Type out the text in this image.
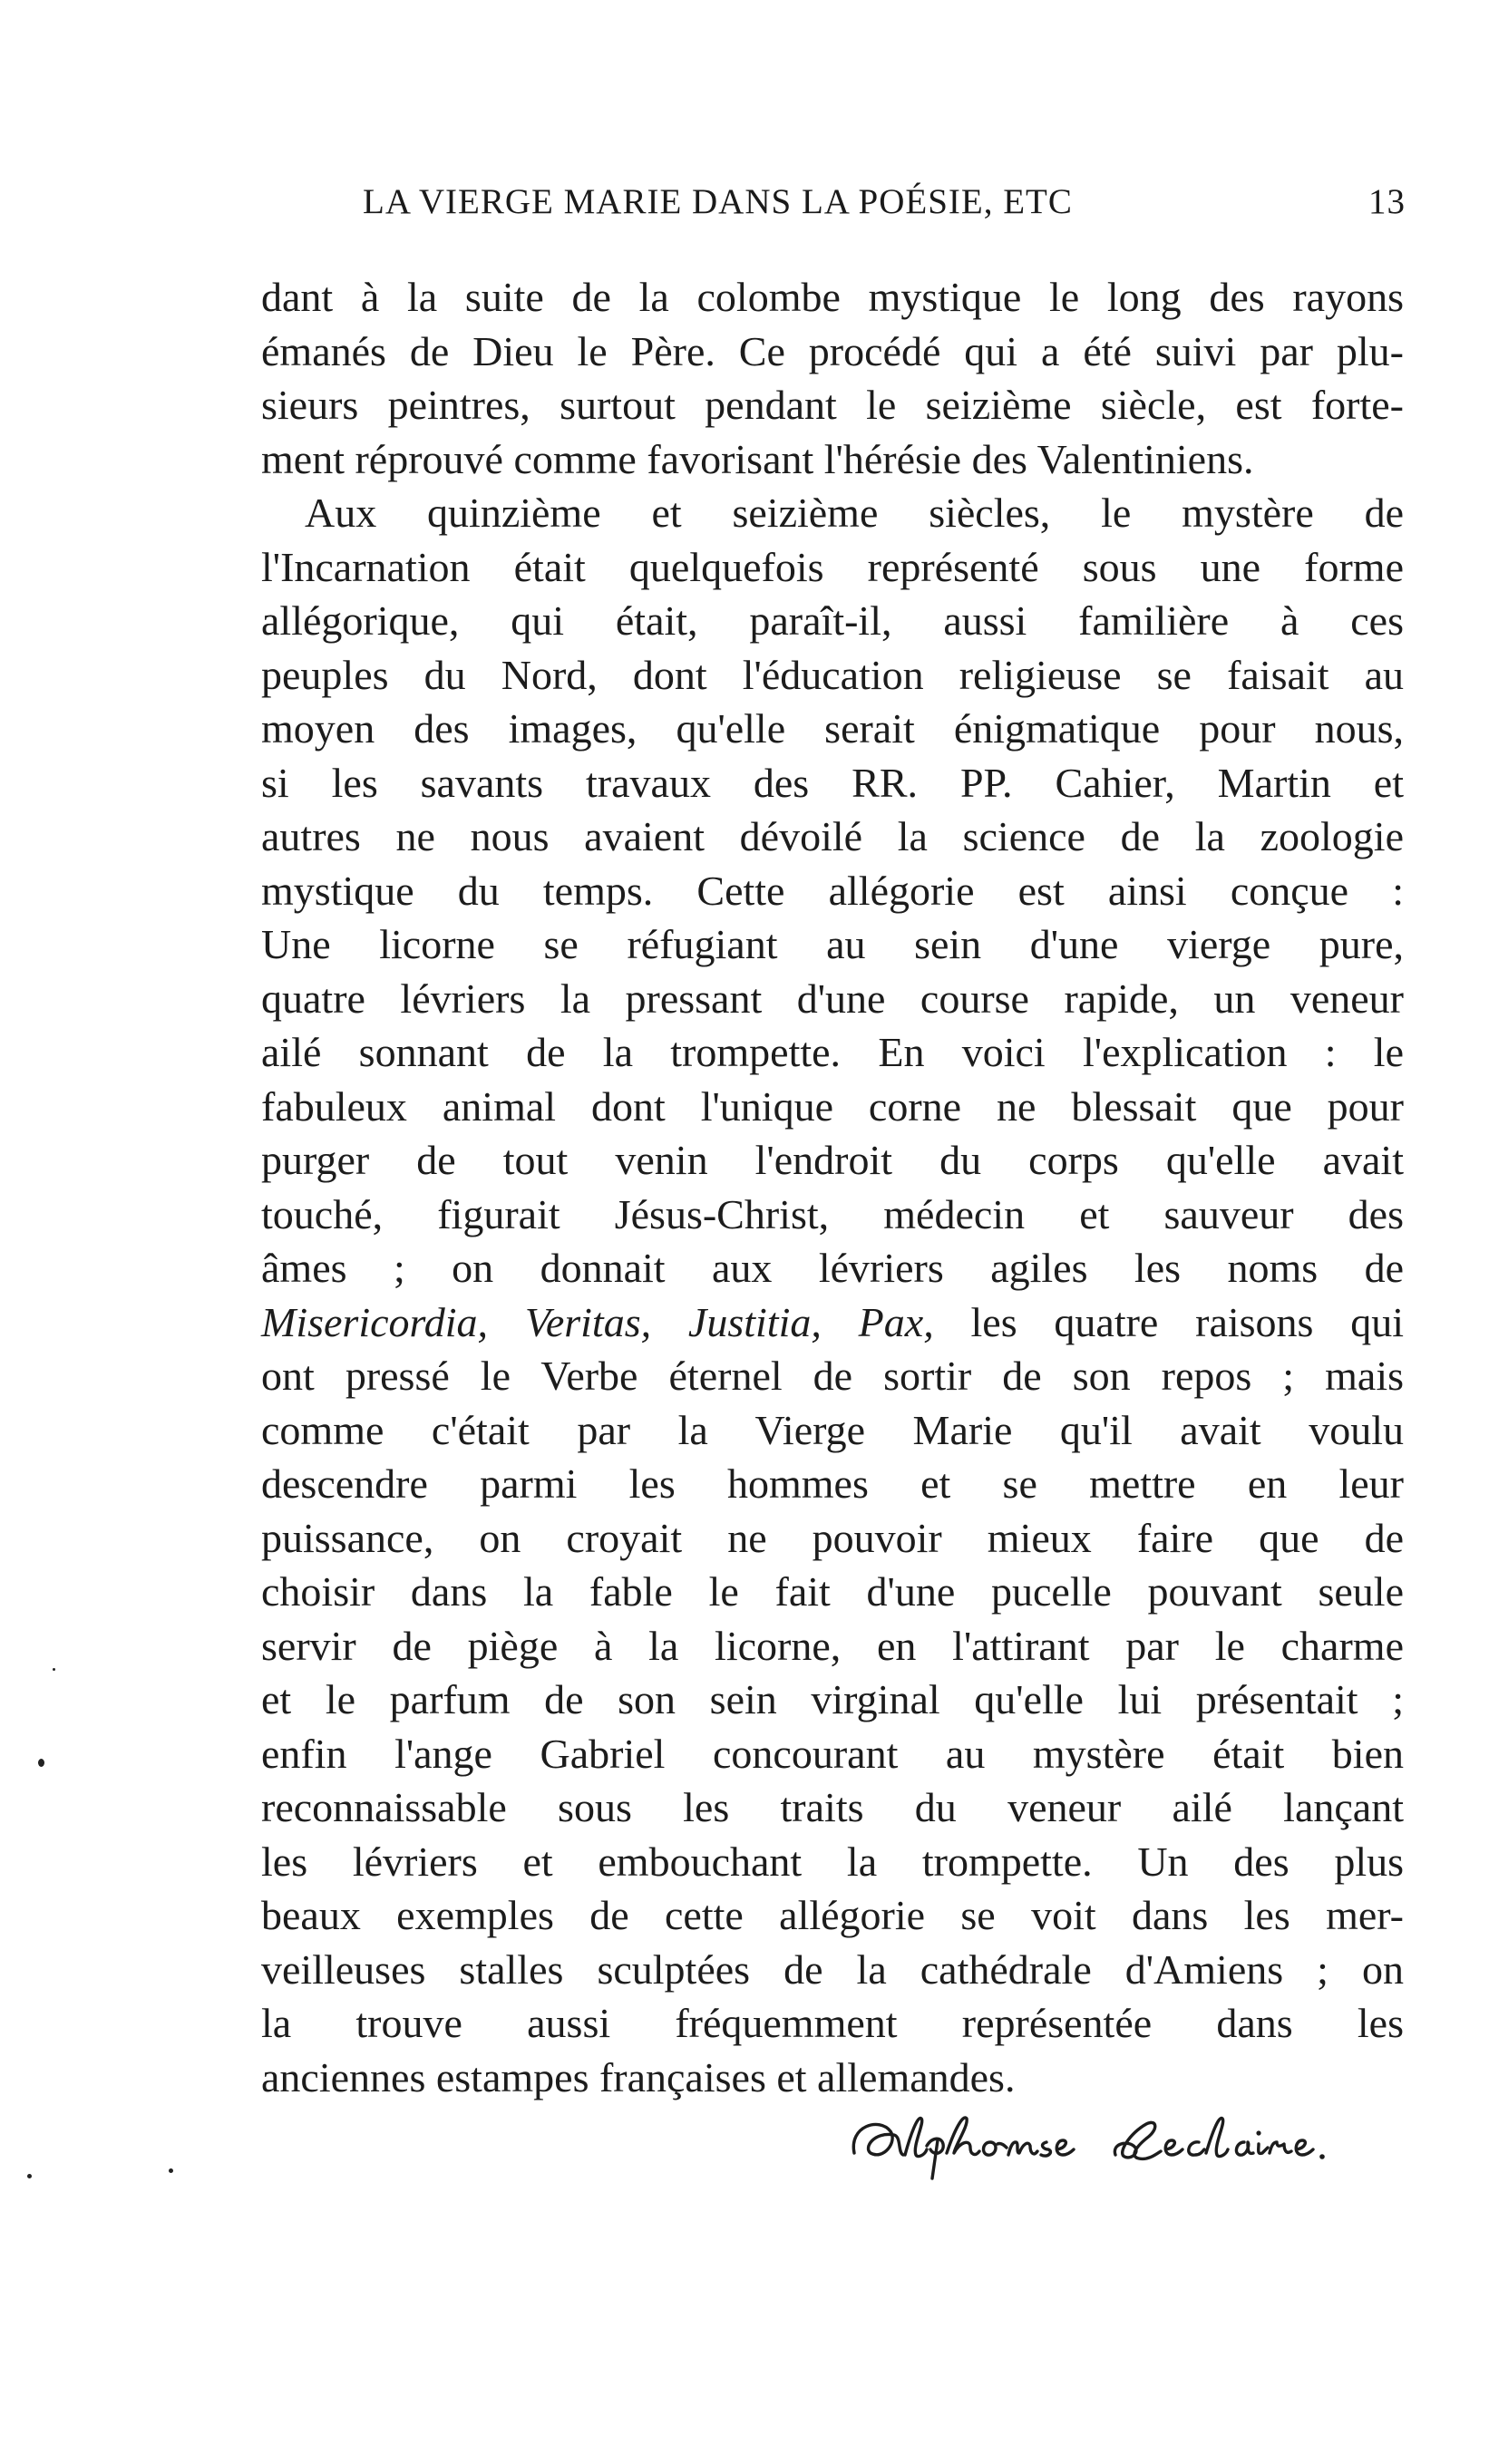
LA VIERGE MARIE DANS LA POÉSIE, ETC	13
dant à la suite de la colombe mystique le long des rayons
émanés de Dieu le Père. Ce procédé qui a été suivi par plu-
sieurs peintres, surtout pendant le seizième siècle, est forte-
ment réprouvé comme favorisant l'hérésie des Valentiniens.
Aux quinzième et seizième siècles, le mystère de
l'Incarnation était quelquefois représenté sous une forme
allégorique, qui était, paraît-il, aussi familière à ces
peuples du Nord, dont l'éducation religieuse se faisait au
moyen des images, qu'elle serait énigmatique pour nous,
si les savants travaux des RR. PP. Cahier, Martin et
autres ne nous avaient dévoilé la science de la zoologie
mystique du temps. Cette allégorie est ainsi conçue :
Une licorne se réfugiant au sein d'une vierge pure,
quatre lévriers la pressant d'une course rapide, un veneur
ailé sonnant de la trompette. En voici l'explication : le
fabuleux animal dont l'unique corne ne blessait que pour
purger de tout venin l'endroit du corps qu'elle avait
touché, figurait Jésus-Christ, médecin et sauveur des
âmes ; on donnait aux lévriers agiles les noms de
Misericordia, Veritas, Justitia, Pax, les quatre raisons qui
ont pressé le Verbe éternel de sortir de son repos ; mais
comme c'était par la Vierge Marie qu'il avait voulu
descendre parmi les hommes et se mettre en leur
puissance, on croyait ne pouvoir mieux faire que de
choisir dans la fable le fait d'une pucelle pouvant seule
servir de piège à la licorne, en l'attirant par le charme
et le parfum de son sein virginal qu'elle lui présentait ;
enfin l'ange Gabriel concourant au mystère était bien
reconnaissable sous les traits du veneur ailé lançant
les lévriers et embouchant la trompette. Un des plus
beaux exemples de cette allégorie se voit dans les mer-
veilleuses stalles sculptées de la cathédrale d'Amiens ; on
la trouve aussi fréquemment représentée dans les
anciennes estampes françaises et allemandes.
